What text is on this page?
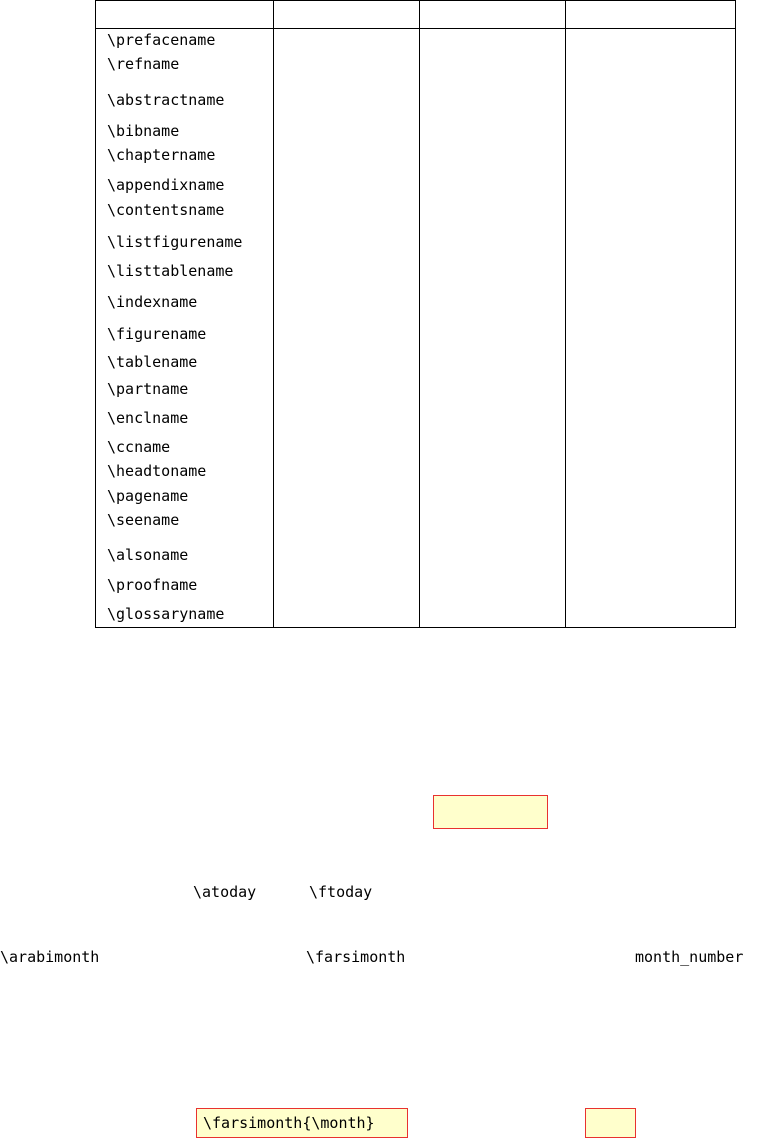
\prefacename
\refname
\abstractname
\bibname
\chaptername
\appendixname
\contentsname
\listfigurename
\listtablename
\indexname
\figurename
\tablename
\partname
\enclname
\ccname
\headtoname
\pagename
\seename
\alsoname
\proofname
\glossaryname
\atoday	\ftoday
\arabimonth	\farsimonth	month_number
\farsimonth{\month}
